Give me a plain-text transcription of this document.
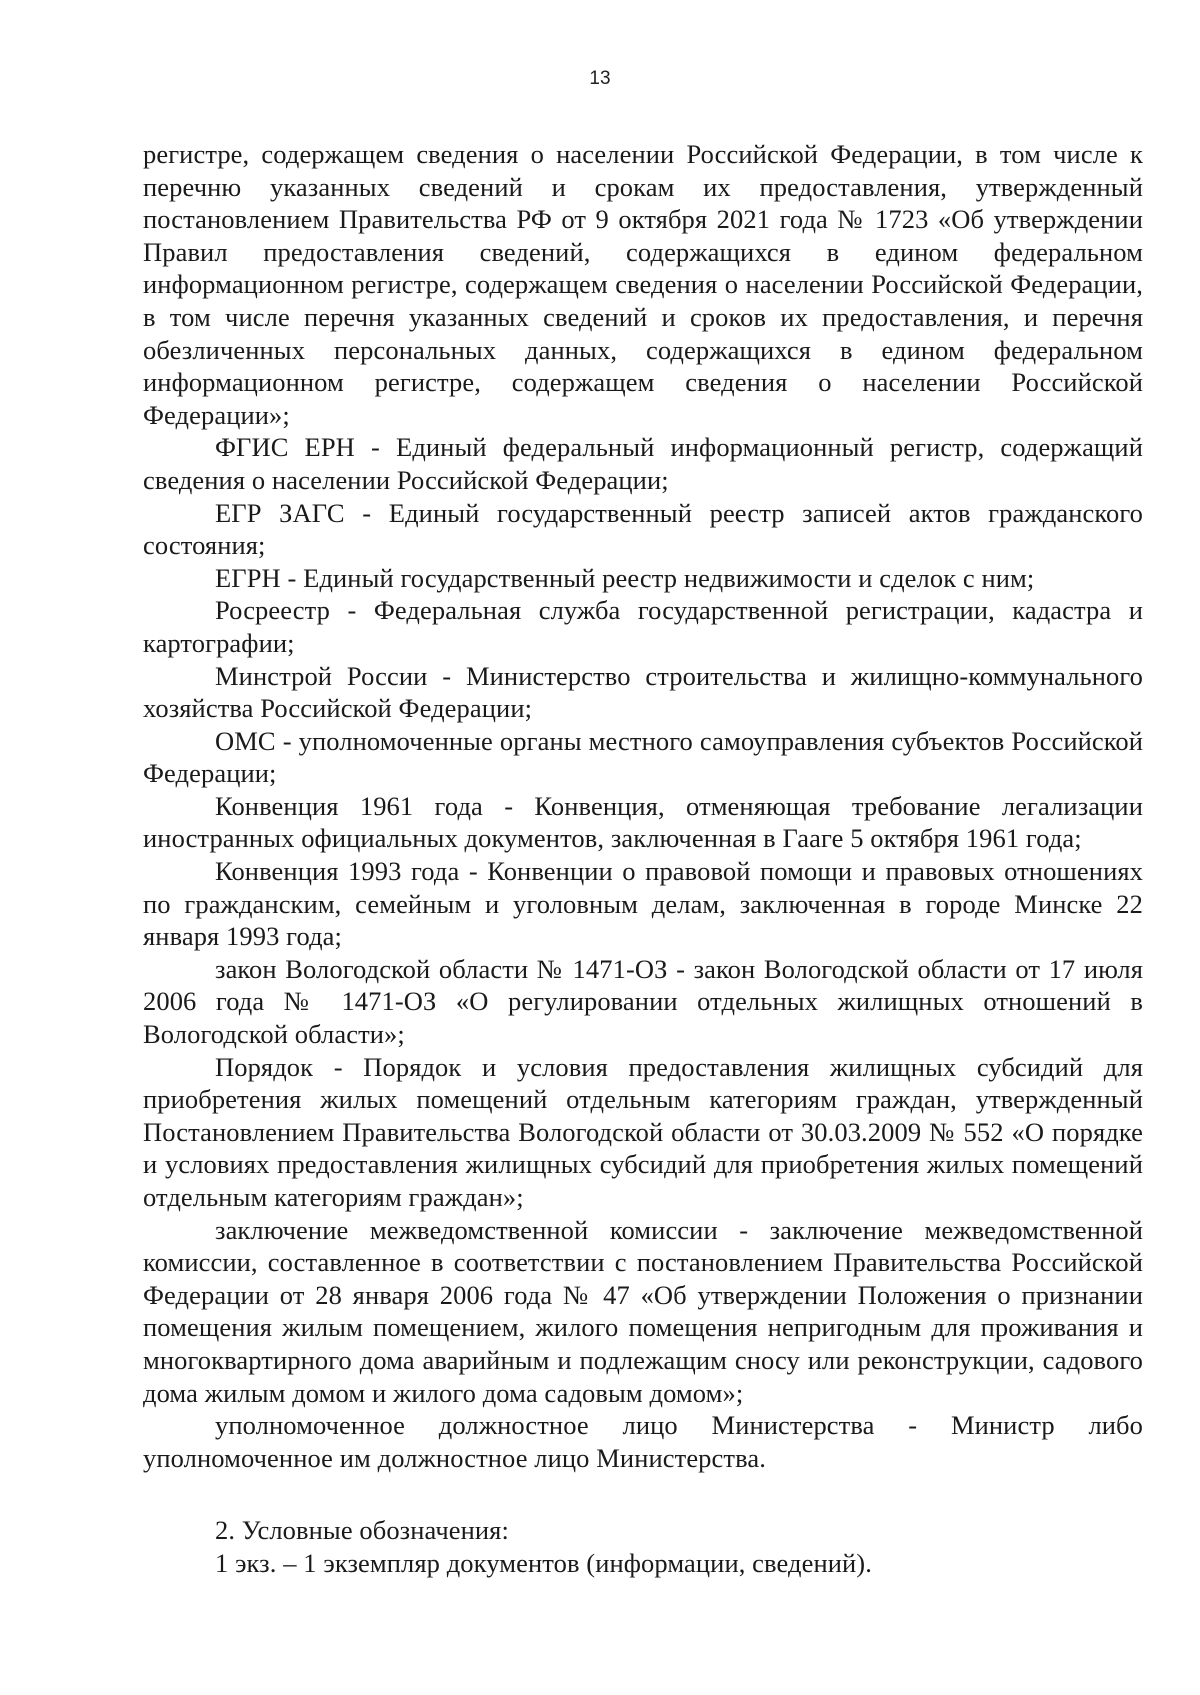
13

регистре, содержащем сведения о населении Российской Федерации, в том числе к перечню указанных сведений и срокам их предоставления, утвержденный постановлением Правительства РФ от 9 октября 2021 года № 1723 «Об утверждении Правил предоставления сведений, содержащихся в едином федеральном информационном регистре, содержащем сведения о населении Российской Федерации, в том числе перечня указанных сведений и сроков их предоставления, и перечня обезличенных персональных данных, содержащихся в едином федеральном информационном регистре, содержащем сведения о населении Российской Федерации»;

ФГИС ЕРН - Единый федеральный информационный регистр, содержащий сведения о населении Российской Федерации;

ЕГР ЗАГС - Единый государственный реестр записей актов гражданского состояния;

ЕГРН - Единый государственный реестр недвижимости и сделок с ним;

Росреестр - Федеральная служба государственной регистрации, кадастра и картографии;

Минстрой России - Министерство строительства и жилищно-коммунального хозяйства Российской Федерации;

ОМС - уполномоченные органы местного самоуправления субъектов Российской Федерации;

Конвенция 1961 года - Конвенция, отменяющая требование легализации иностранных официальных документов, заключенная в Гааге 5 октября 1961 года;

Конвенция 1993 года - Конвенции о правовой помощи и правовых отношениях по гражданским, семейным и уголовным делам, заключенная в городе Минске 22 января 1993 года;

закон Вологодской области № 1471-ОЗ - закон Вологодской области от 17 июля 2006 года № 1471-ОЗ «О регулировании отдельных жилищных отношений в Вологодской области»;

Порядок - Порядок и условия предоставления жилищных субсидий для приобретения жилых помещений отдельным категориям граждан, утвержденный Постановлением Правительства Вологодской области от 30.03.2009 № 552 «О порядке и условиях предоставления жилищных субсидий для приобретения жилых помещений отдельным категориям граждан»;

заключение межведомственной комиссии - заключение межведомственной комиссии, составленное в соответствии с постановлением Правительства Российской Федерации от 28 января 2006 года № 47 «Об утверждении Положения о признании помещения жилым помещением, жилого помещения непригодным для проживания и многоквартирного дома аварийным и подлежащим сносу или реконструкции, садового дома жилым домом и жилого дома садовым домом»;

уполномоченное должностное лицо Министерства - Министр либо уполномоченное им должностное лицо Министерства.

2. Условные обозначения:

1 экз. – 1 экземпляр документов (информации, сведений).
